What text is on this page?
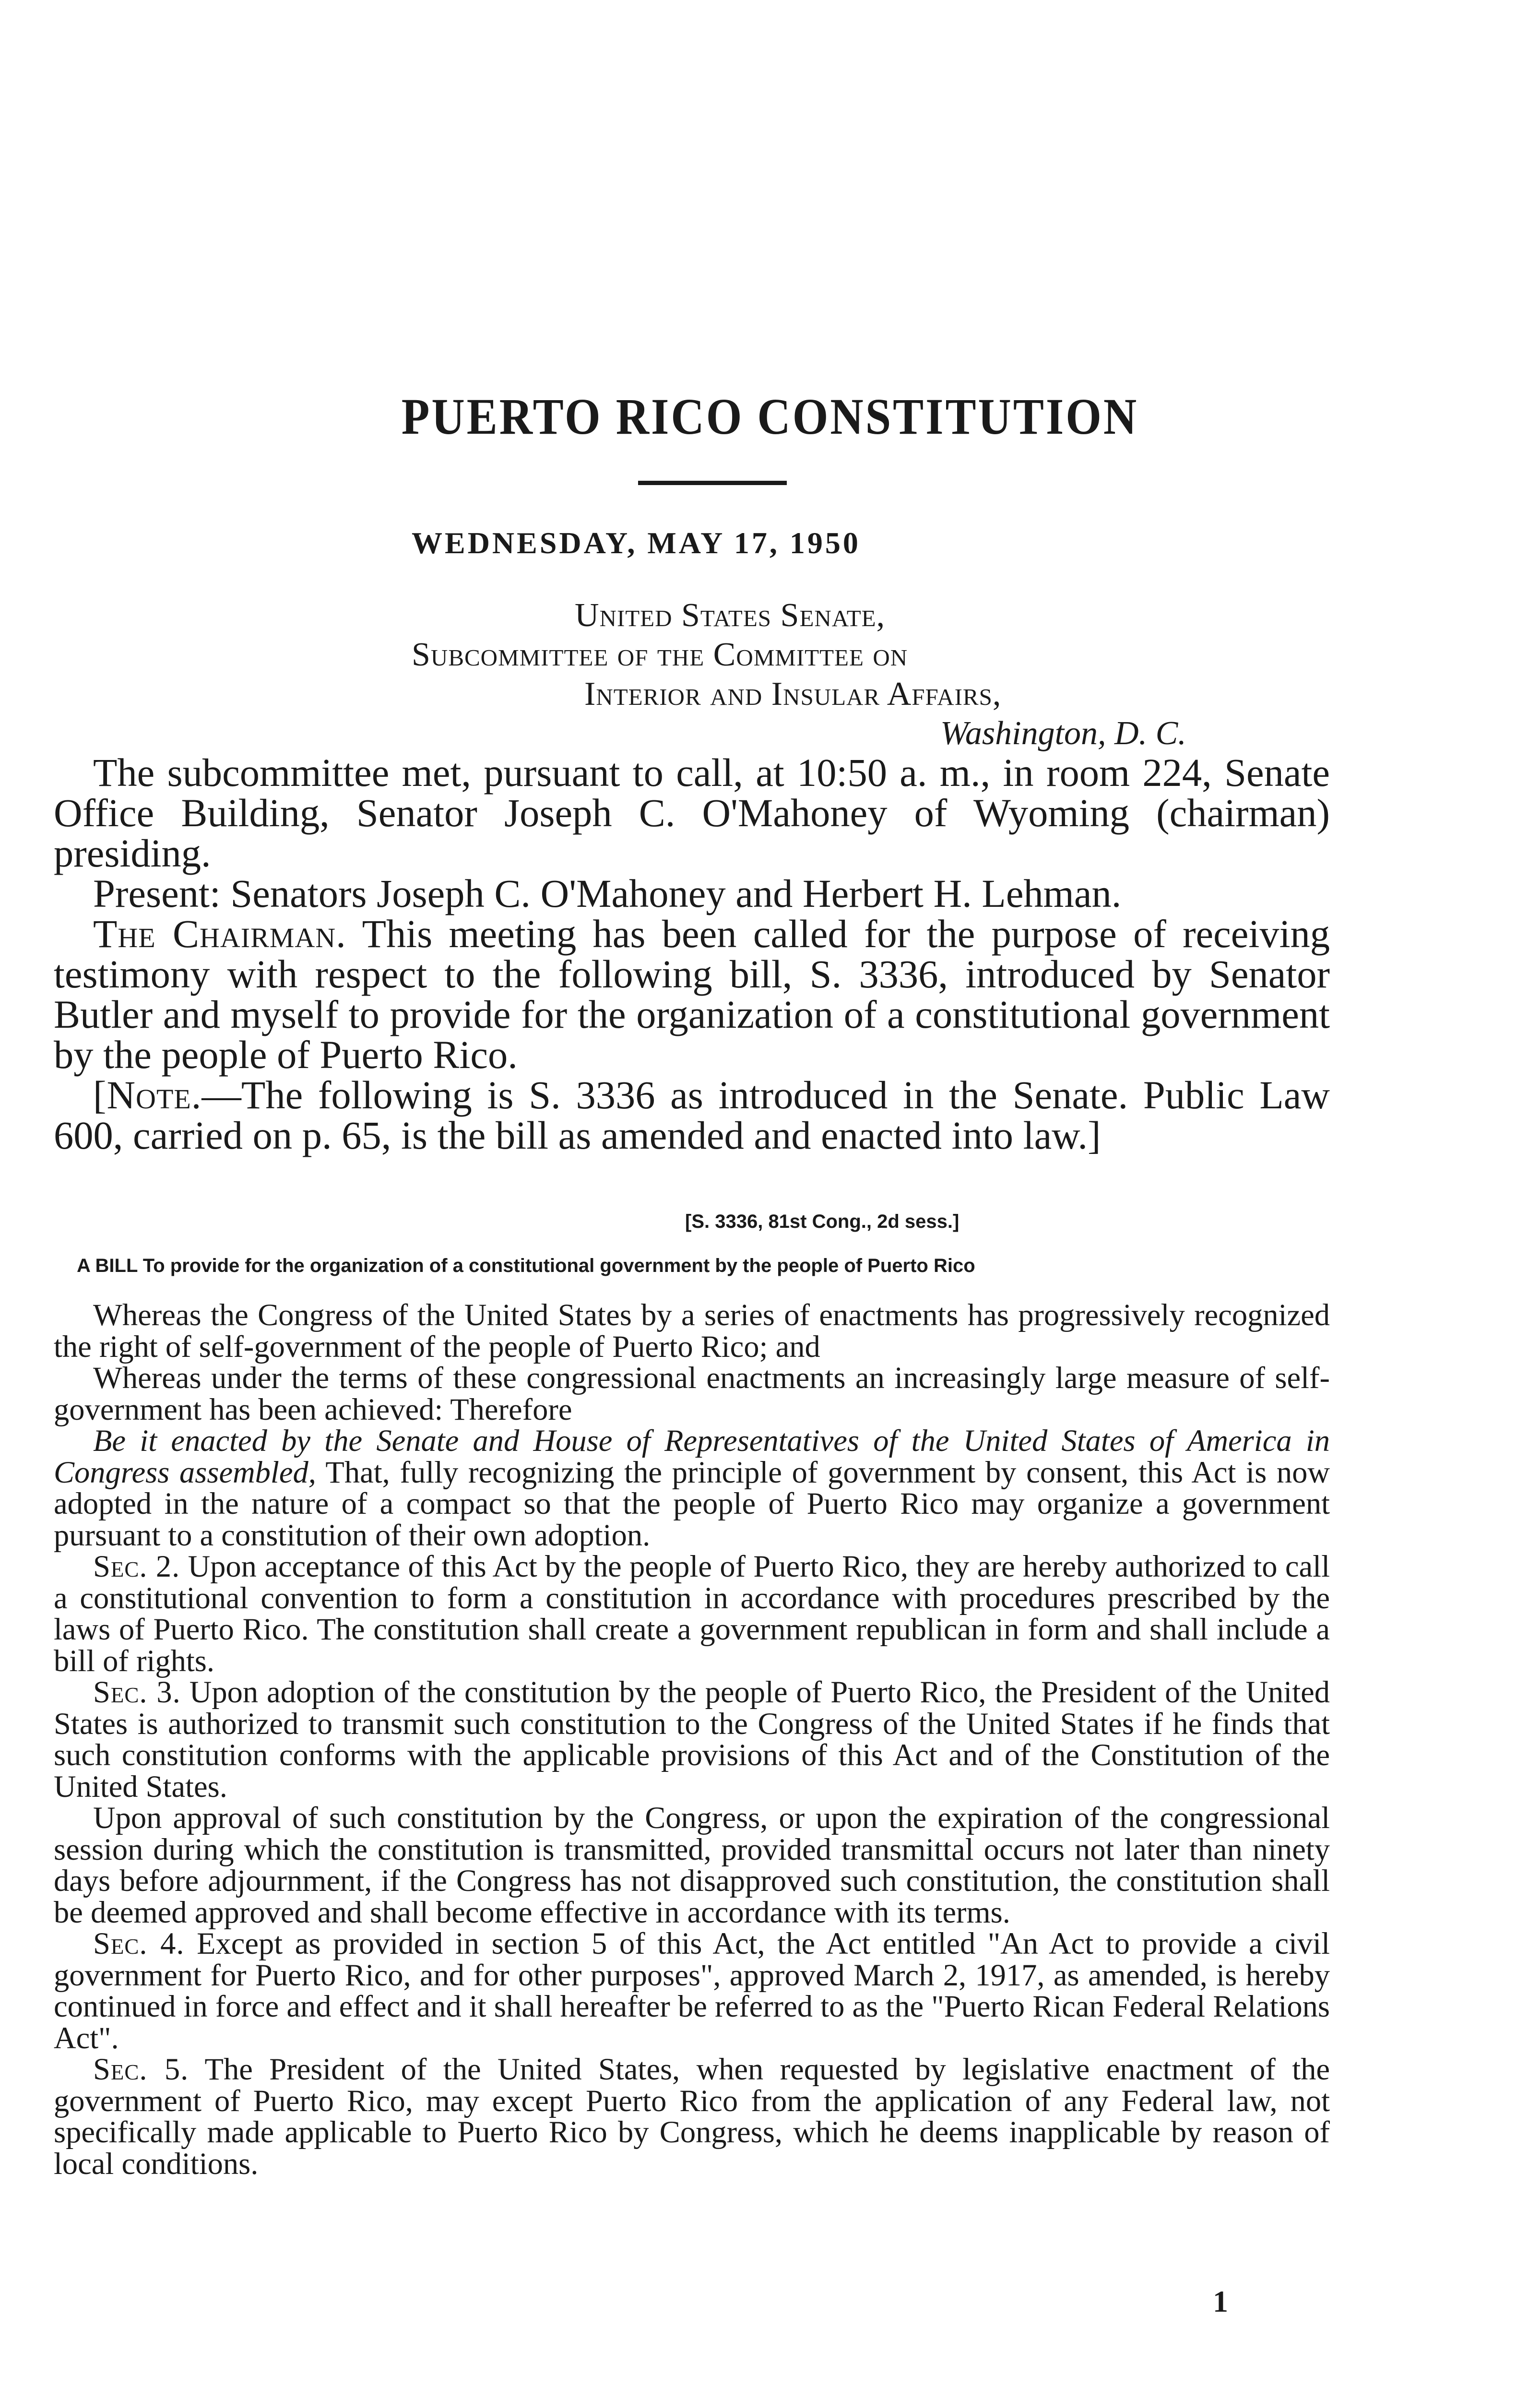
PUERTO RICO CONSTITUTION
WEDNESDAY, MAY 17, 1950
United States Senate,
Subcommittee of the Committee on
Interior and Insular Affairs,
Washington, D. C.

The subcommittee met, pursuant to call, at 10:50 a. m., in room 224, Senate Office Building, Senator Joseph C. O'Mahoney of Wyoming (chairman) presiding.

Present: Senators Joseph C. O'Mahoney and Herbert H. Lehman.

The Chairman. This meeting has been called for the purpose of receiving testimony with respect to the following bill, S. 3336, introduced by Senator Butler and myself to provide for the organization of a constitutional government by the people of Puerto Rico.

[Note.—The following is S. 3336 as introduced in the Senate. Public Law 600, carried on p. 65, is the bill as amended and enacted into law.]

[S. 3336, 81st Cong., 2d sess.]
A BILL To provide for the organization of a constitutional government by the people of Puerto Rico

Whereas the Congress of the United States by a series of enactments has progressively recognized the right of self-government of the people of Puerto Rico; and

Whereas under the terms of these congressional enactments an increasingly large measure of self-government has been achieved: Therefore

Be it enacted by the Senate and House of Representatives of the United States of America in Congress assembled, That, fully recognizing the principle of government by consent, this Act is now adopted in the nature of a compact so that the people of Puerto Rico may organize a government pursuant to a constitution of their own adoption.

Sec. 2. Upon acceptance of this Act by the people of Puerto Rico, they are hereby authorized to call a constitutional convention to form a constitution in accordance with procedures prescribed by the laws of Puerto Rico. The constitution shall create a government republican in form and shall include a bill of rights.

Sec. 3. Upon adoption of the constitution by the people of Puerto Rico, the President of the United States is authorized to transmit such constitution to the Congress of the United States if he finds that such constitution conforms with the applicable provisions of this Act and of the Constitution of the United States.

Upon approval of such constitution by the Congress, or upon the expiration of the congressional session during which the constitution is transmitted, provided transmittal occurs not later than ninety days before adjournment, if the Congress has not disapproved such constitution, the constitution shall be deemed approved and shall become effective in accordance with its terms.

Sec. 4. Except as provided in section 5 of this Act, the Act entitled "An Act to provide a civil government for Puerto Rico, and for other purposes", approved March 2, 1917, as amended, is hereby continued in force and effect and it shall hereafter be referred to as the "Puerto Rican Federal Relations Act".

Sec. 5. The President of the United States, when requested by legislative enactment of the government of Puerto Rico, may except Puerto Rico from the application of any Federal law, not specifically made applicable to Puerto Rico by Congress, which he deems inapplicable by reason of local conditions.

1
